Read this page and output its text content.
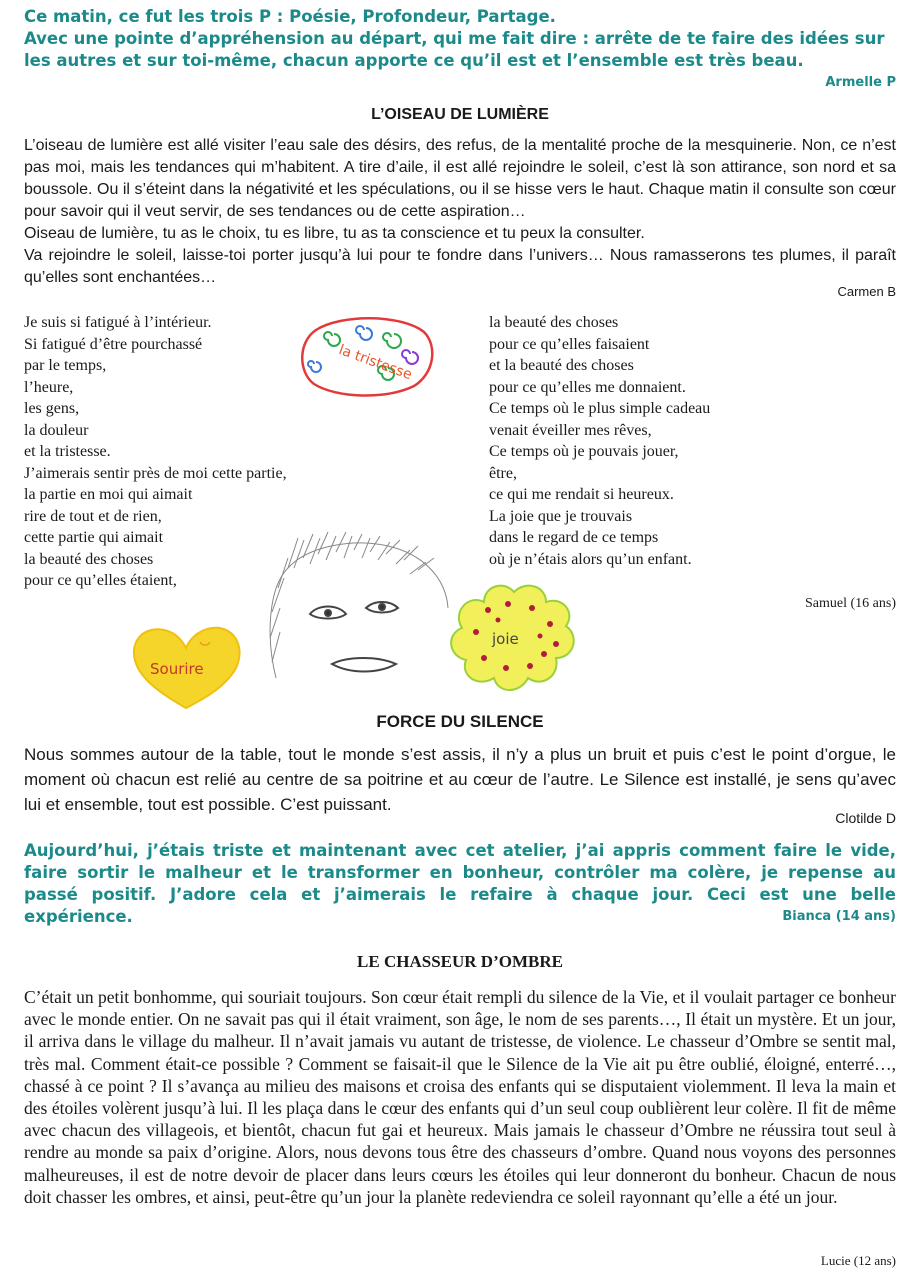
Ce matin, ce fut les trois P : Poésie, Profondeur, Partage.
Avec une pointe d’appréhension au départ, qui me fait dire : arrête de te faire des idées sur les autres et sur toi-même, chacun apporte ce qu’il est et l’ensemble est très beau.
Armelle P
L’OISEAU DE LUMIÈRE
L’oiseau de lumière est allé visiter l’eau sale des désirs, des refus, de la mentalité proche de la mesquinerie. Non, ce n’est pas moi, mais les tendances qui m’habitent. A tire d’aile, il est allé rejoindre le soleil, c’est là son attirance, son nord et sa boussole. Ou il s’éteint dans la négativité et les spéculations, ou il se hisse vers le haut. Chaque matin il consulte son cœur pour savoir qui il veut servir, de ses tendances ou de cette aspiration…
Oiseau de lumière, tu as le choix, tu es libre, tu as ta conscience et tu peux la consulter.
Va rejoindre le soleil, laisse-toi porter jusqu’à lui pour te fondre dans l’univers… Nous ramasserons tes plumes, il paraît qu’elles sont enchantées…
Carmen B
la tristesse
Sourire
joie
Je suis si fatigué à l’intérieur.
Si fatigué d’être pourchassé
par le temps,
l’heure,
les gens,
la douleur
et la tristesse.
J’aimerais sentir près de moi cette partie,
la partie en moi qui aimait
rire de tout et de rien,
cette partie qui aimait
la beauté des choses
pour ce qu’elles étaient,
la beauté des choses
pour ce qu’elles faisaient
et la beauté des choses
pour ce qu’elles me donnaient.
Ce temps où le plus simple cadeau
venait éveiller mes rêves,
Ce temps où je pouvais jouer,
être,
ce qui me rendait si heureux.
La joie que je trouvais
dans le regard de ce temps
où je n’étais alors qu’un enfant.
Samuel (16 ans)
FORCE DU SILENCE
Nous sommes autour de la table, tout le monde s’est assis, il n’y a plus un bruit et puis c’est le point d’orgue, le moment où chacun est relié au centre de sa poitrine et au cœur de l’autre. Le Silence est installé, je sens qu’avec lui et ensemble, tout est possible. C’est puissant.
Clotilde D
Aujourd’hui, j’étais triste et maintenant avec cet atelier, j’ai appris comment faire le vide, faire sortir le malheur et le transformer en bonheur, contrôler ma colère, je repense au passé positif. J’adore cela et j’aimerais le refaire à chaque jour. Ceci est une belle expérience.	Bianca (14 ans)
LE CHASSEUR D’OMBRE
C’était un petit bonhomme, qui souriait toujours. Son cœur était rempli du silence de la Vie, et il voulait partager ce bonheur avec le monde entier. On ne savait pas qui il était vraiment, son âge, le nom de ses parents…, Il était un mystère. Et un jour, il arriva dans le village du malheur. Il n’avait jamais vu autant de tristesse, de violence. Le chasseur d’Ombre se sentit mal, très mal. Comment était-ce possible ? Comment se faisait-il que le Silence de la Vie ait pu être oublié, éloigné, enterré…, chassé à ce point ? Il s’avança au milieu des maisons et croisa des enfants qui se disputaient violemment. Il leva la main et des étoiles volèrent jusqu’à lui. Il les plaça dans le cœur des enfants qui d’un seul coup oublièrent leur colère. Il fit de même avec chacun des villageois, et bientôt, chacun fut gai et heureux. Mais jamais le chasseur d’Ombre ne réussira tout seul à rendre au monde sa paix d’origine. Alors, nous devons tous être des chasseurs d’ombre. Quand nous voyons des personnes malheureuses, il est de notre devoir de placer dans leurs cœurs les étoiles qui leur donneront du bonheur. Chacun de nous doit chasser les ombres, et ainsi, peut-être qu’un jour la planète redeviendra ce soleil rayonnant qu’elle a été un jour.
Lucie (12 ans)
